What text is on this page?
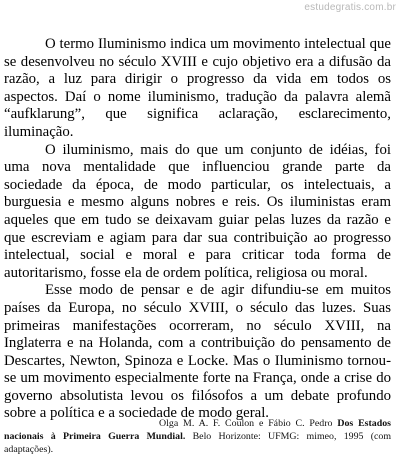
estudegratis.com.br

O termo Iluminismo indica um movimento intelectual que se desenvolveu no século XVIII e cujo objetivo era a difusão da razão, a luz para dirigir o progresso da vida em todos os aspectos. Daí o nome iluminismo, tradução da palavra alemã “aufklarung”, que significa aclaração, esclarecimento, iluminação.

O iluminismo, mais do que um conjunto de idéias, foi uma nova mentalidade que influenciou grande parte da sociedade da época, de modo particular, os intelectuais, a burguesia e mesmo alguns nobres e reis. Os iluministas eram aqueles que em tudo se deixavam guiar pelas luzes da razão e que escreviam e agiam para dar sua contribuição ao progresso intelectual, social e moral e para criticar toda forma de autoritarismo, fosse ela de ordem política, religiosa ou moral.

Esse modo de pensar e de agir difundiu-se em muitos países da Europa, no século XVIII, o século das luzes. Suas primeiras manifestações ocorreram, no século XVIII, na Inglaterra e na Holanda, com a contribuição do pensamento de Descartes, Newton, Spinoza e Locke. Mas o Iluminismo tornou-se um movimento especialmente forte na França, onde a crise do governo absolutista levou os filósofos a um debate profundo sobre a política e a sociedade de modo geral.

Olga M. A. F. Coulon e Fábio C. Pedro Dos Estados nacionais à Primeira Guerra Mundial. Belo Horizonte: UFMG: mimeo, 1995 (com adaptações).
